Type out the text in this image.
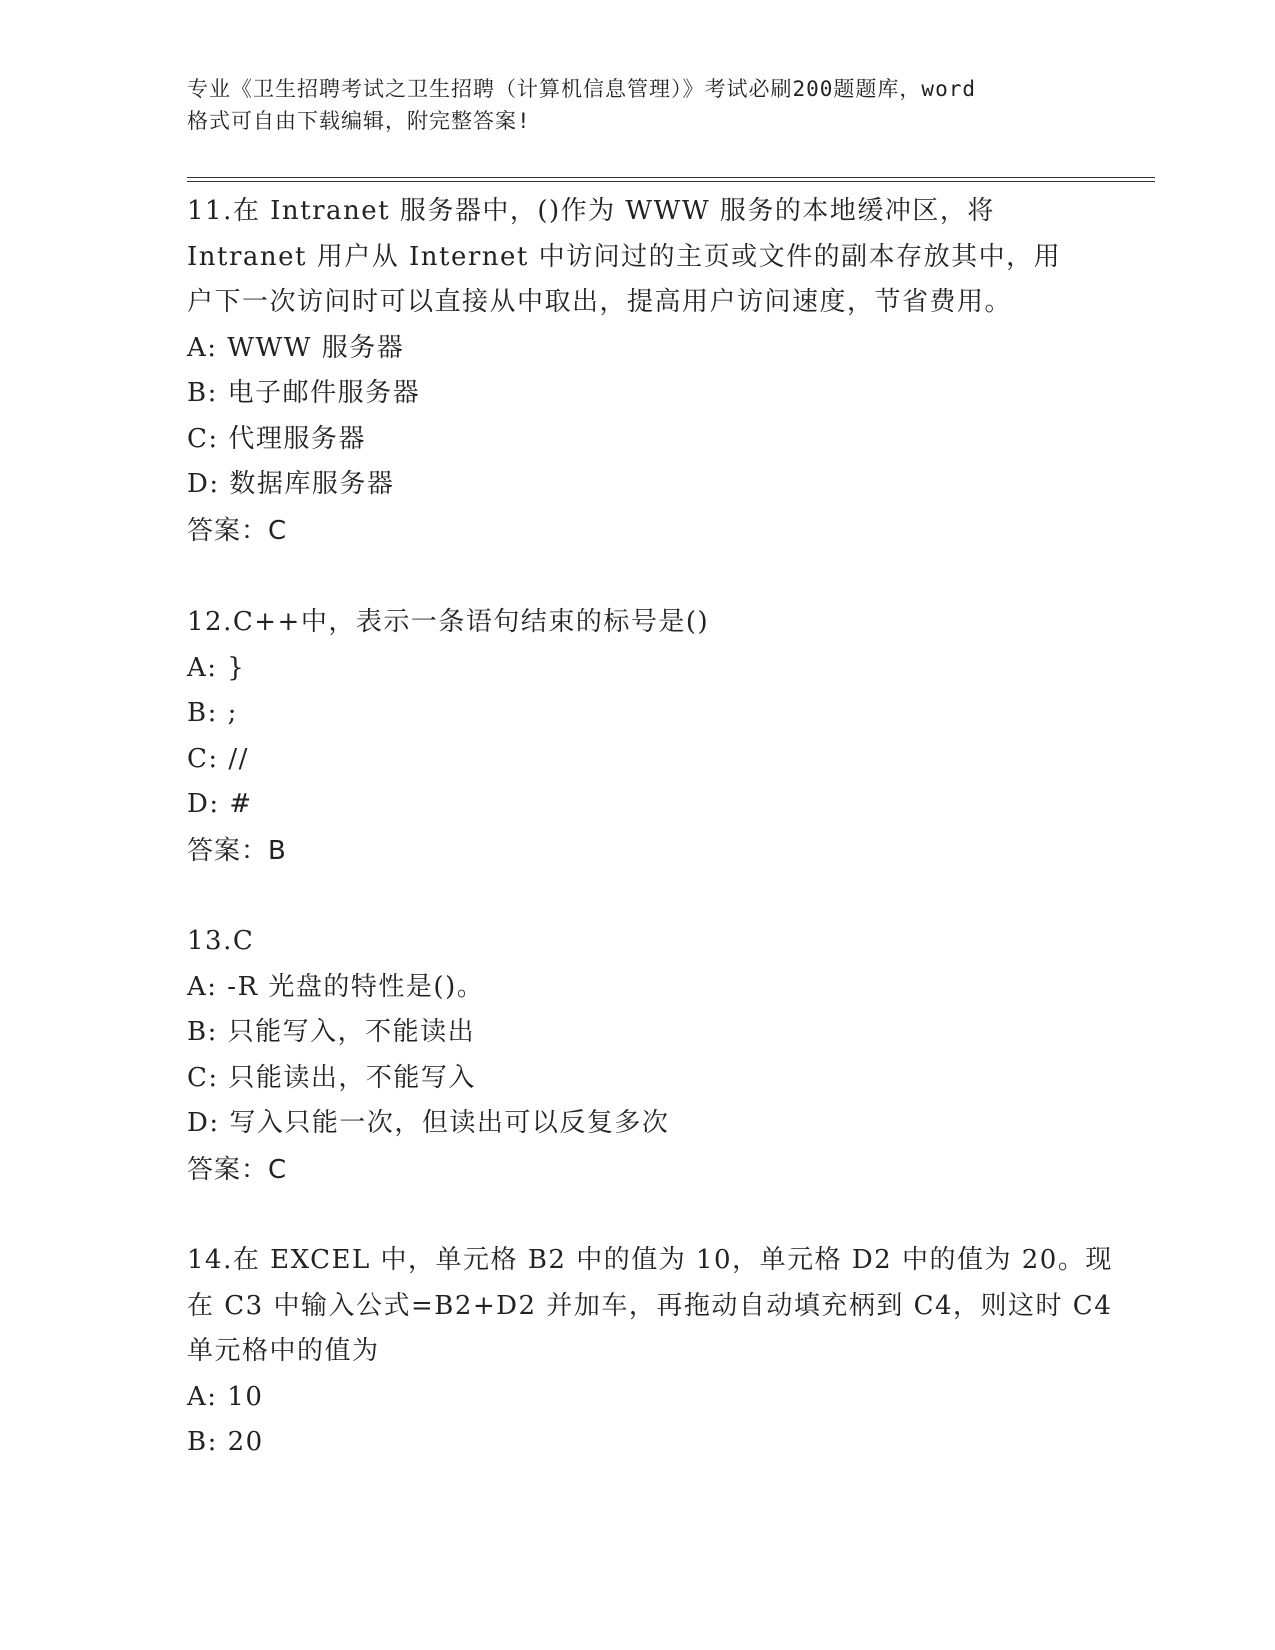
专业《卫生招聘考试之卫生招聘（计算机信息管理）》考试必刷200题题库，word
格式可自由下载编辑，附完整答案!
11.在 Intranet 服务器中，()作为 WWW 服务的本地缓冲区，将
Intranet 用户从 Internet 中访问过的主页或文件的副本存放其中，用
户下一次访问时可以直接从中取出，提高用户访问速度，节省费用。
A: WWW 服务器
B: 电子邮件服务器
C: 代理服务器
D: 数据库服务器
答案：C
12.C++中，表示一条语句结束的标号是()
A: }
B: ;
C: //
D: #
答案：B
13.C
A: -R 光盘的特性是()。
B: 只能写入，不能读出
C: 只能读出，不能写入
D: 写入只能一次，但读出可以反复多次
答案：C
14.在 EXCEL 中，单元格 B2 中的值为 10，单元格 D2 中的值为 20。现
在 C3 中输入公式=B2+D2 并加车，再拖动自动填充柄到 C4，则这时 C4
单元格中的值为
A: 10
B: 20
